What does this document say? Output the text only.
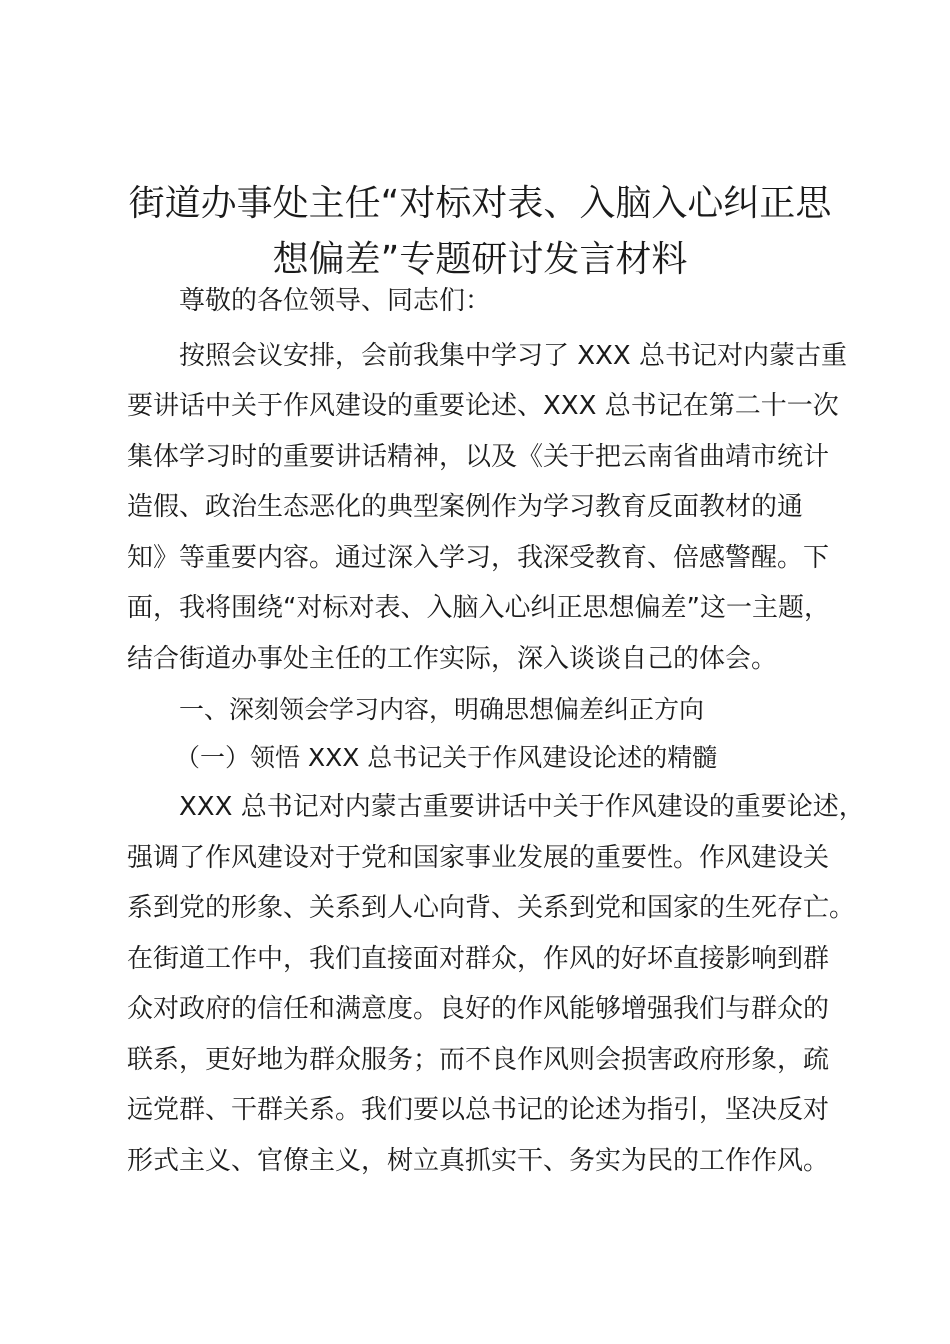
街道办事处主任“对标对表、入脑入心纠正思
想偏差”专题研讨发言材料

尊敬的各位领导、同志们：

按照会议安排，会前我集中学习了 XXX 总书记对内蒙古重
要讲话中关于作风建设的重要论述、XXX 总书记在第二十一次
集体学习时的重要讲话精神，以及《关于把云南省曲靖市统计
造假、政治生态恶化的典型案例作为学习教育反面教材的通
知》等重要内容。通过深入学习，我深受教育、倍感警醒。下
面，我将围绕“对标对表、入脑入心纠正思想偏差”这一主题，
结合街道办事处主任的工作实际，深入谈谈自己的体会。

一、深刻领会学习内容，明确思想偏差纠正方向

（一）领悟 XXX 总书记关于作风建设论述的精髓

XXX 总书记对内蒙古重要讲话中关于作风建设的重要论述，
强调了作风建设对于党和国家事业发展的重要性。作风建设关
系到党的形象、关系到人心向背、关系到党和国家的生死存亡。
在街道工作中，我们直接面对群众，作风的好坏直接影响到群
众对政府的信任和满意度。良好的作风能够增强我们与群众的
联系，更好地为群众服务；而不良作风则会损害政府形象，疏
远党群、干群关系。我们要以总书记的论述为指引，坚决反对
形式主义、官僚主义，树立真抓实干、务实为民的工作作风。
